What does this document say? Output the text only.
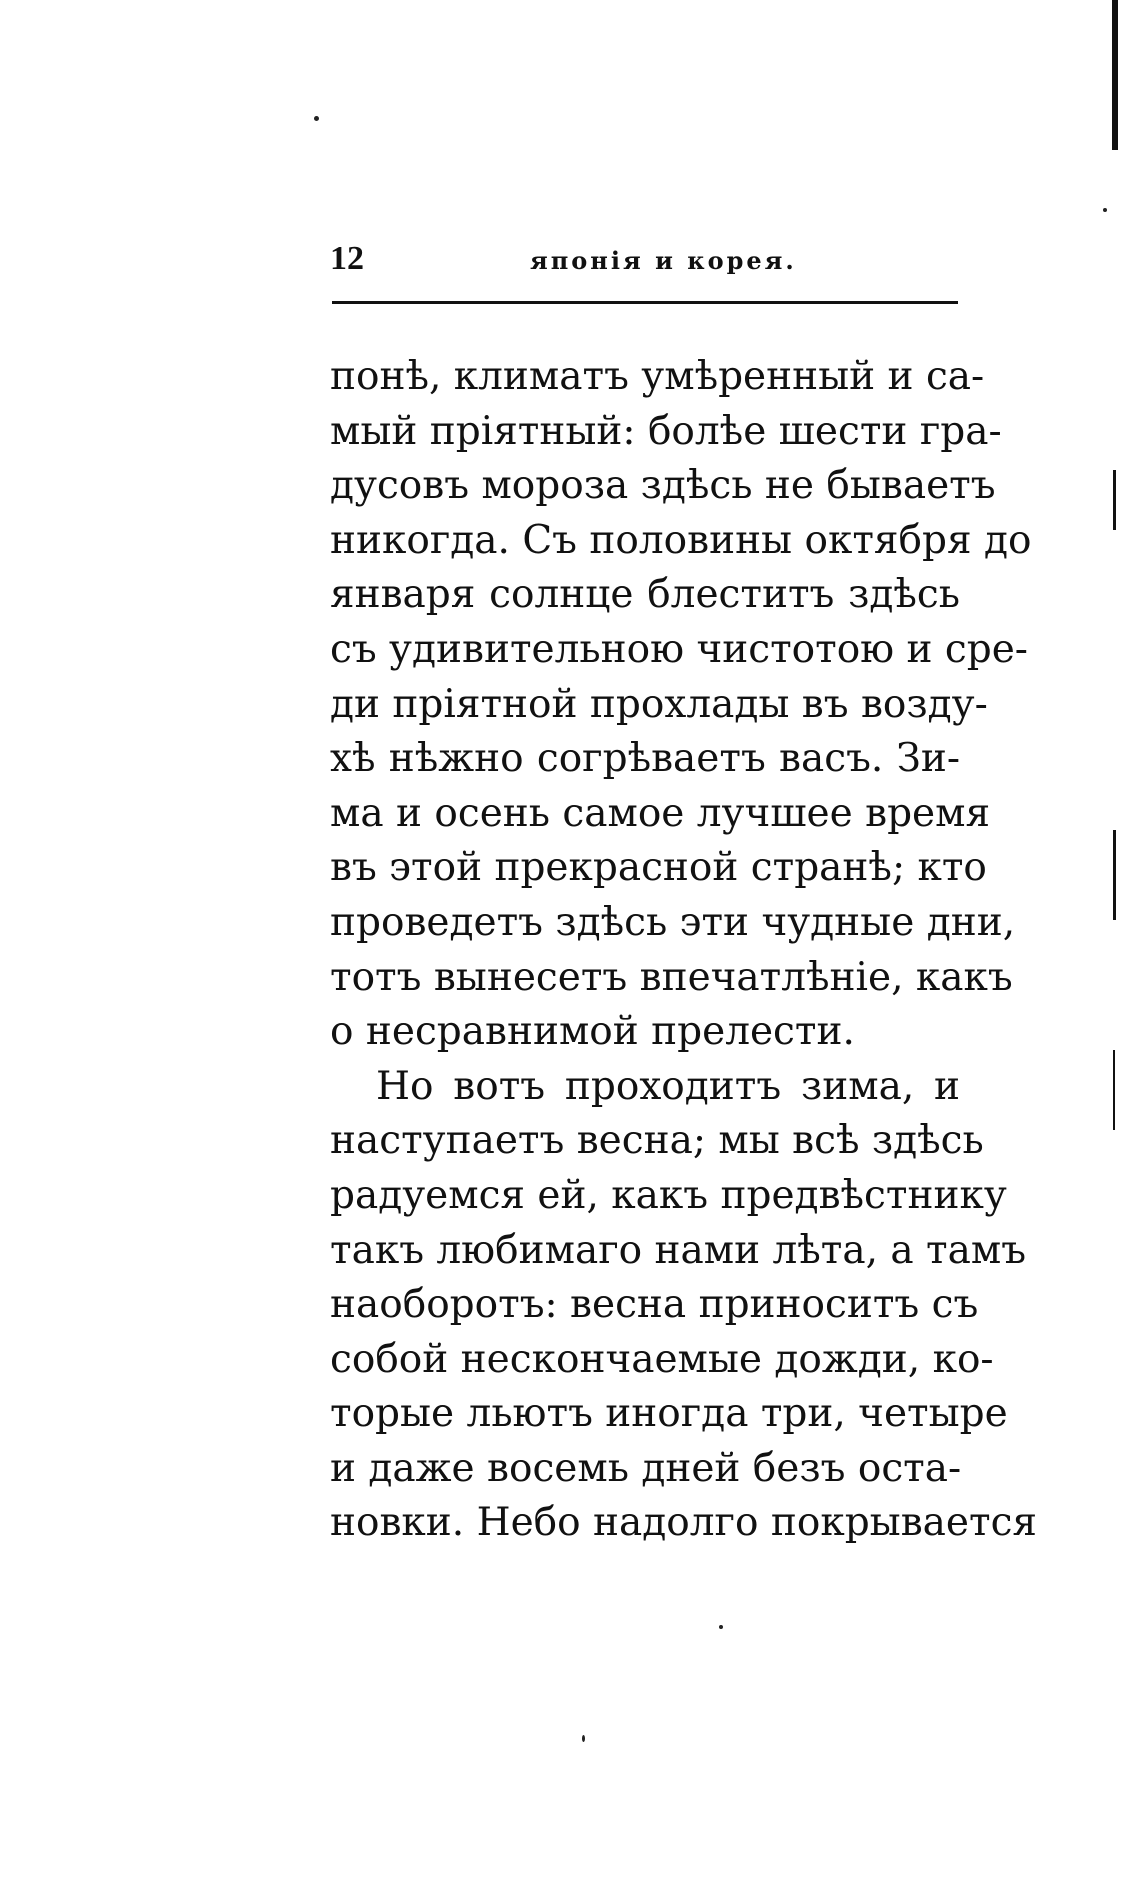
12	японія и корея.
понѣ, климатъ умѣренный и са-
мый пріятный: болѣе шести гра-
дусовъ мороза здѣсь не бываетъ
никогда. Съ половины октября до
января солнце блеститъ здѣсь
съ удивительною чистотою и сре-
ди пріятной прохлады въ возду-
хѣ нѣжно согрѣваетъ васъ. Зи-
ма и осень самое лучшее время
въ этой прекрасной странѣ; кто
проведетъ здѣсь эти чудные дни,
тотъ вынесетъ впечатлѣніе, какъ
о несравнимой прелести.
Но вотъ проходитъ зима, и
наступаетъ весна; мы всѣ здѣсь
радуемся ей, какъ предвѣстнику
такъ любимаго нами лѣта, а тамъ
наоборотъ: весна приноситъ съ
собой нескончаемые дожди, ко-
торые льютъ иногда три, четыре
и даже восемь дней безъ оста-
новки. Небо надолго покрывается
